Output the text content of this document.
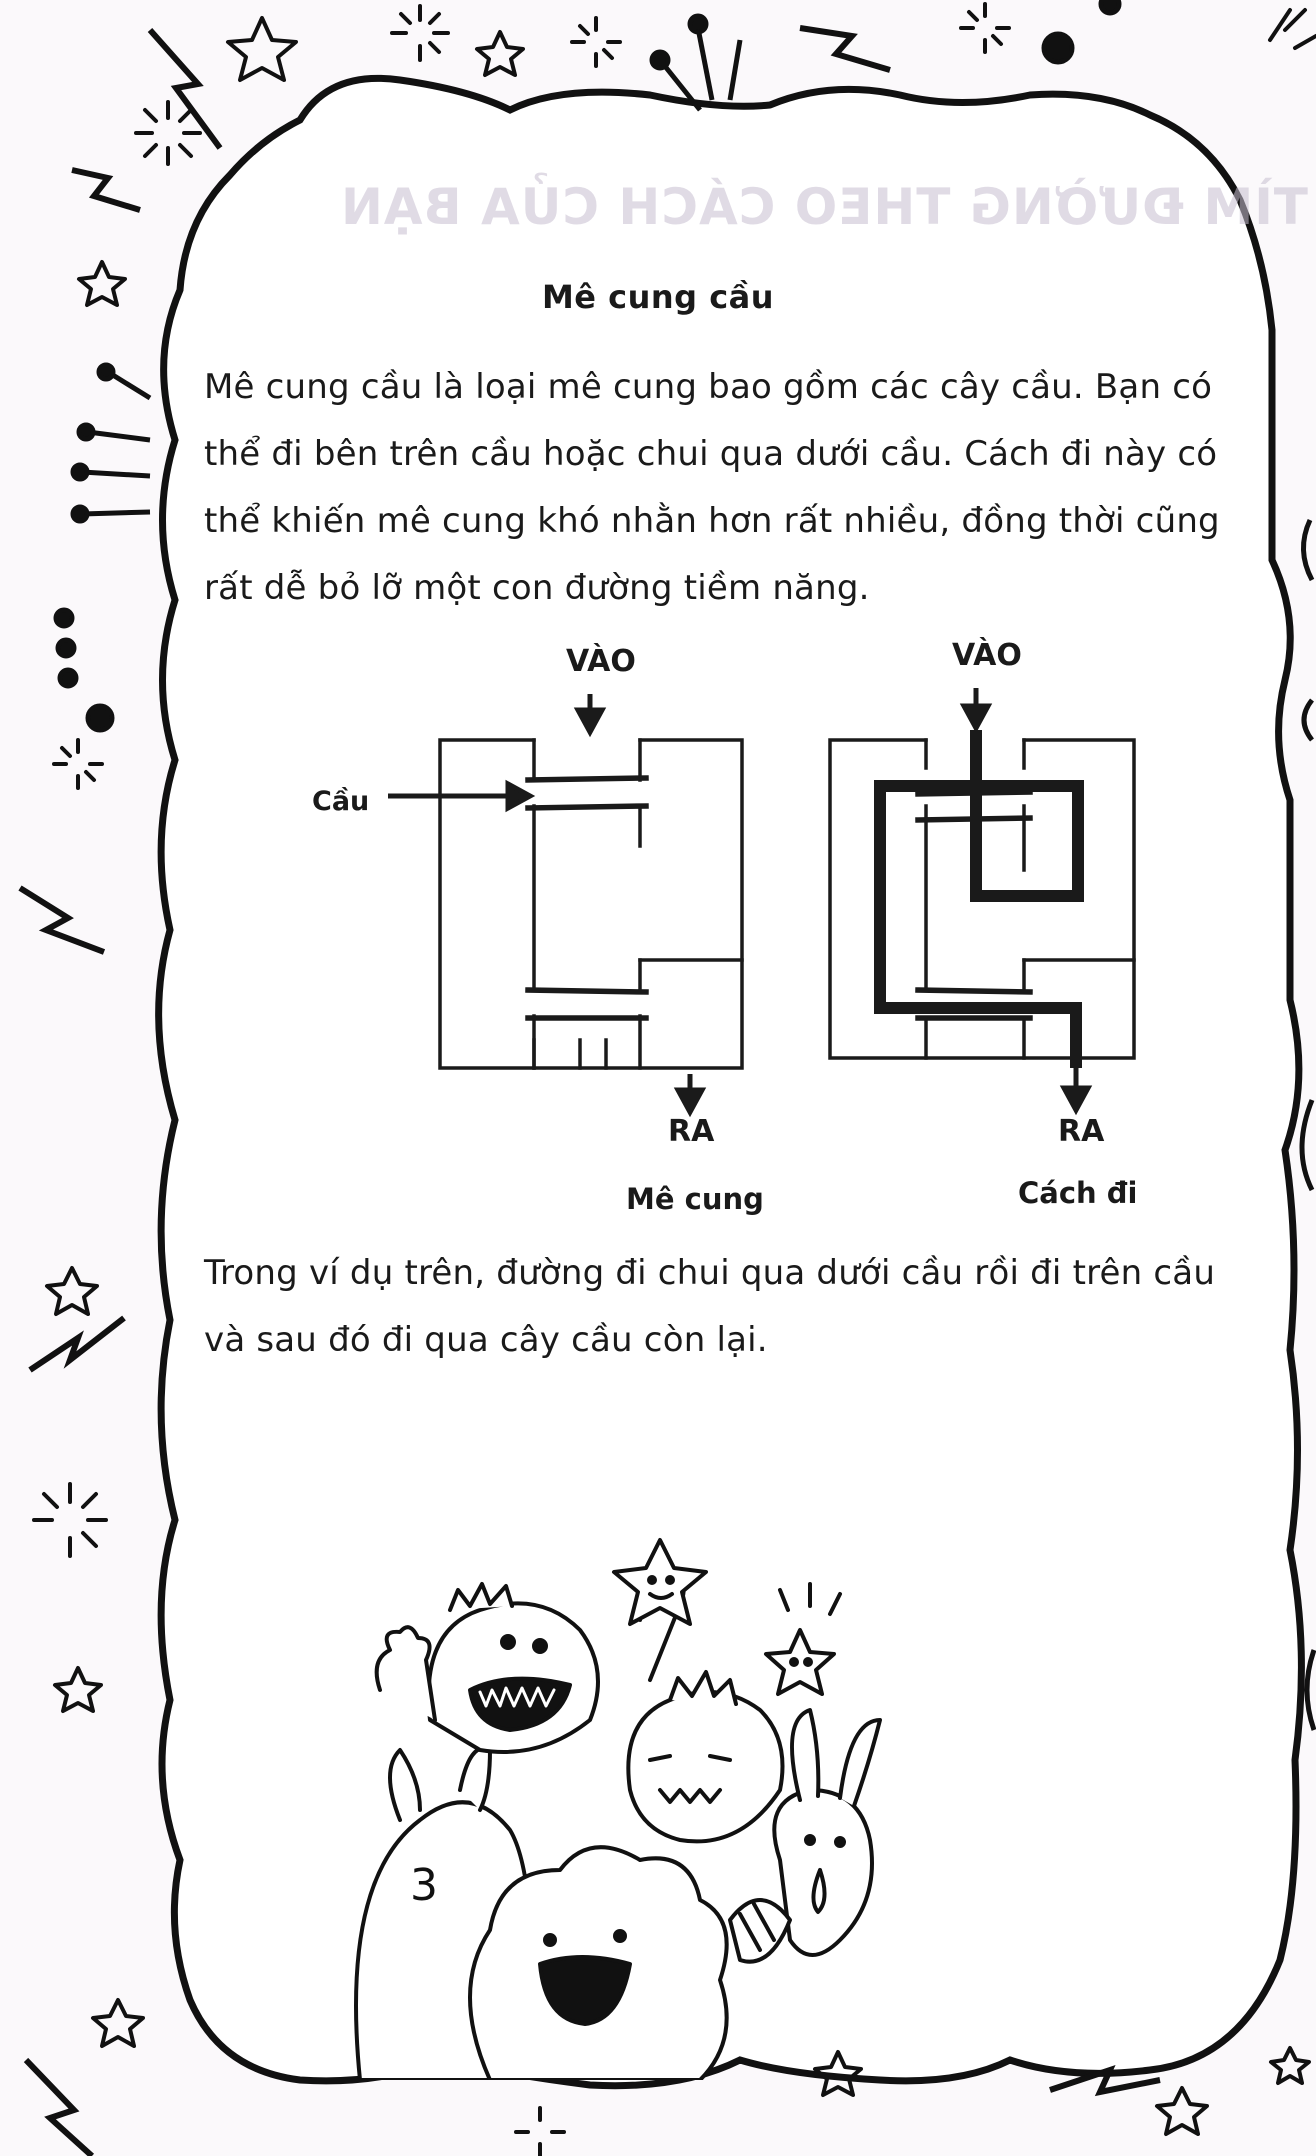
TÌM ĐƯỜNG THEO CÁCH CỦA BẠN
Mê cung cầu
Mê cung cầu là loại mê cung bao gồm các cây cầu. Bạn có thể đi bên trên cầu hoặc chui qua dưới cầu. Cách đi này có thể khiến mê cung khó nhằn hơn rất nhiều, đồng thời cũng rất dễ bỏ lỡ một con đường tiềm năng.
VÀO	VÀO
Cầu
RA	RA
Mê cung	Cách đi
Trong ví dụ trên, đường đi chui qua dưới cầu rồi đi trên cầu và sau đó đi qua cây cầu còn lại.
3
